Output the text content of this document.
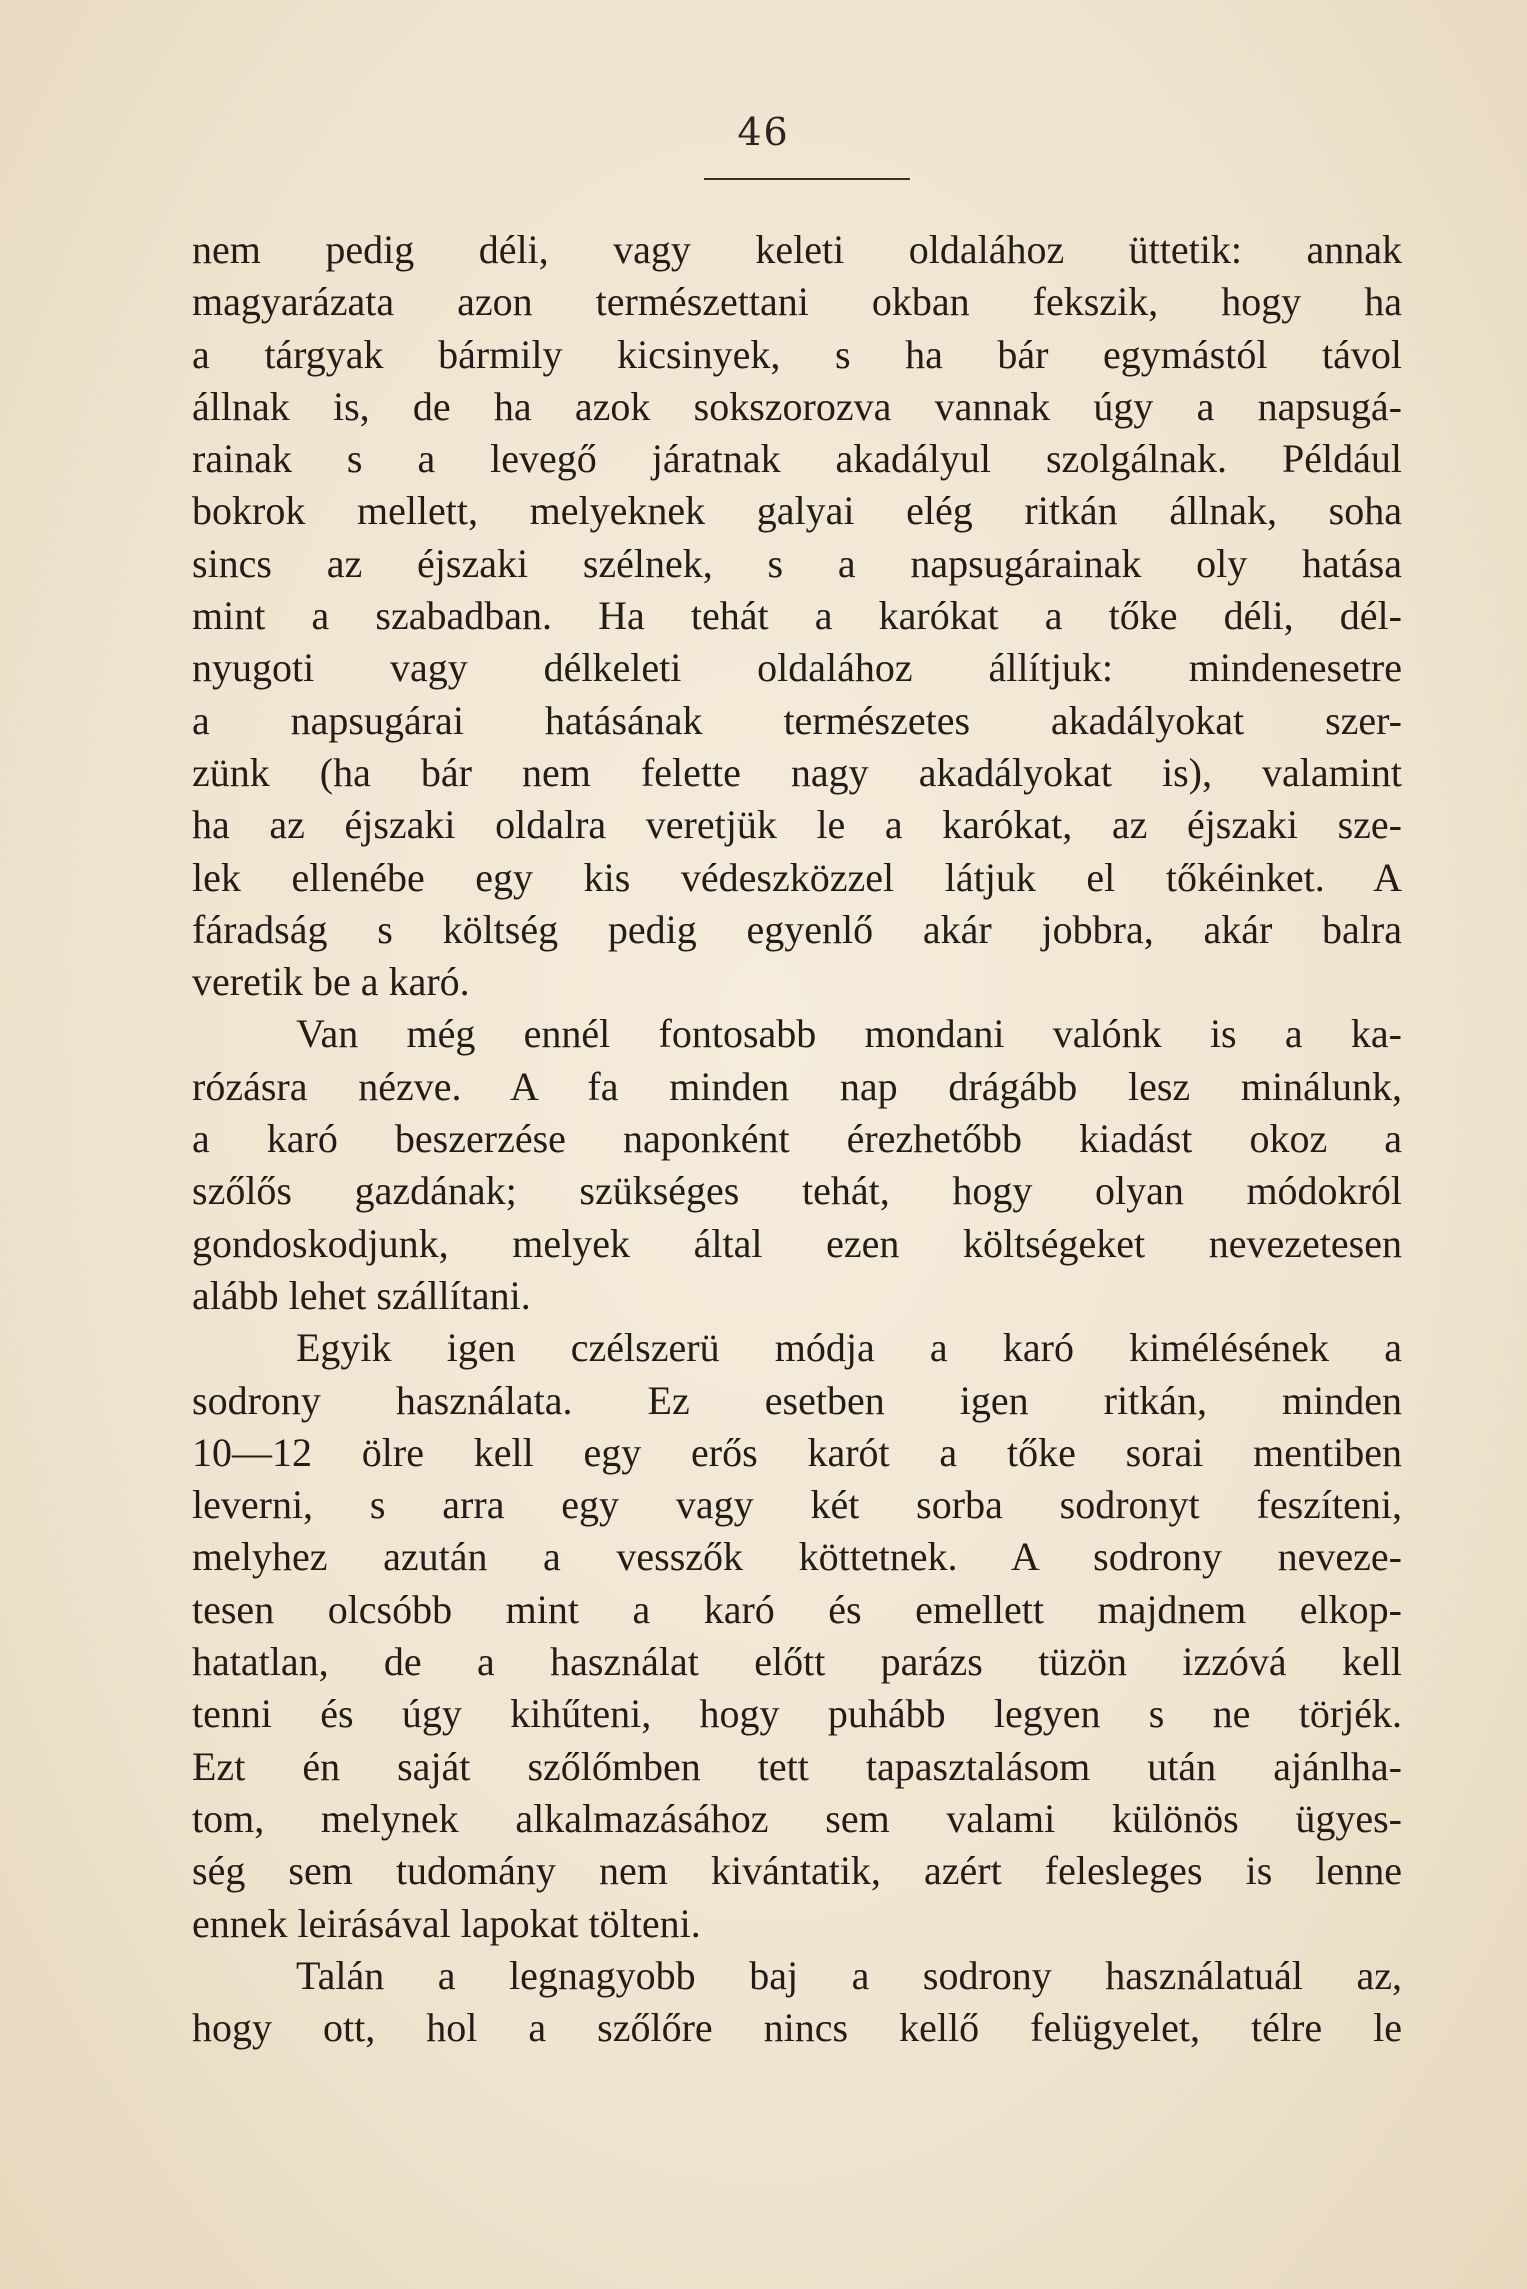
46
nem pedig déli, vagy keleti oldalához üttetik: annak
magyarázata azon természettani okban fekszik, hogy ha
a tárgyak bármily kicsinyek, s ha bár egymástól távol
állnak is, de ha azok sokszorozva vannak úgy a napsugá-
rainak s a levegő járatnak akadályul szolgálnak. Például
bokrok mellett, melyeknek galyai elég ritkán állnak, soha
sincs az éjszaki szélnek, s a napsugárainak oly hatása
mint a szabadban. Ha tehát a karókat a tőke déli, dél-
nyugoti vagy délkeleti oldalához állítjuk: mindenesetre
a napsugárai hatásának természetes akadályokat szer-
zünk (ha bár nem felette nagy akadályokat is), valamint
ha az éjszaki oldalra veretjük le a karókat, az éjszaki sze-
lek ellenébe egy kis védeszközzel látjuk el tőkéinket. A
fáradság s költség pedig egyenlő akár jobbra, akár balra
veretik be a karó.
Van még ennél fontosabb mondani valónk is a ka-
rózásra nézve. A fa minden nap drágább lesz minálunk,
a karó beszerzése naponként érezhetőbb kiadást okoz a
szőlős gazdának; szükséges tehát, hogy olyan módokról
gondoskodjunk, melyek által ezen költségeket nevezetesen
alább lehet szállítani.
Egyik igen czélszerü módja a karó kimélésének a
sodrony használata. Ez esetben igen ritkán, minden
10—12 ölre kell egy erős karót a tőke sorai mentiben
leverni, s arra egy vagy két sorba sodronyt feszíteni,
melyhez azután a vesszők köttetnek. A sodrony neveze-
tesen olcsóbb mint a karó és emellett majdnem elkop-
hatatlan, de a használat előtt parázs tüzön izzóvá kell
tenni és úgy kihűteni, hogy puhább legyen s ne törjék.
Ezt én saját szőlőmben tett tapasztalásom után ajánlha-
tom, melynek alkalmazásához sem valami különös ügyes-
ség sem tudomány nem kivántatik, azért felesleges is lenne
ennek leirásával lapokat tölteni.
Talán a legnagyobb baj a sodrony használatuál az,
hogy ott, hol a szőlőre nincs kellő felügyelet, télre le
